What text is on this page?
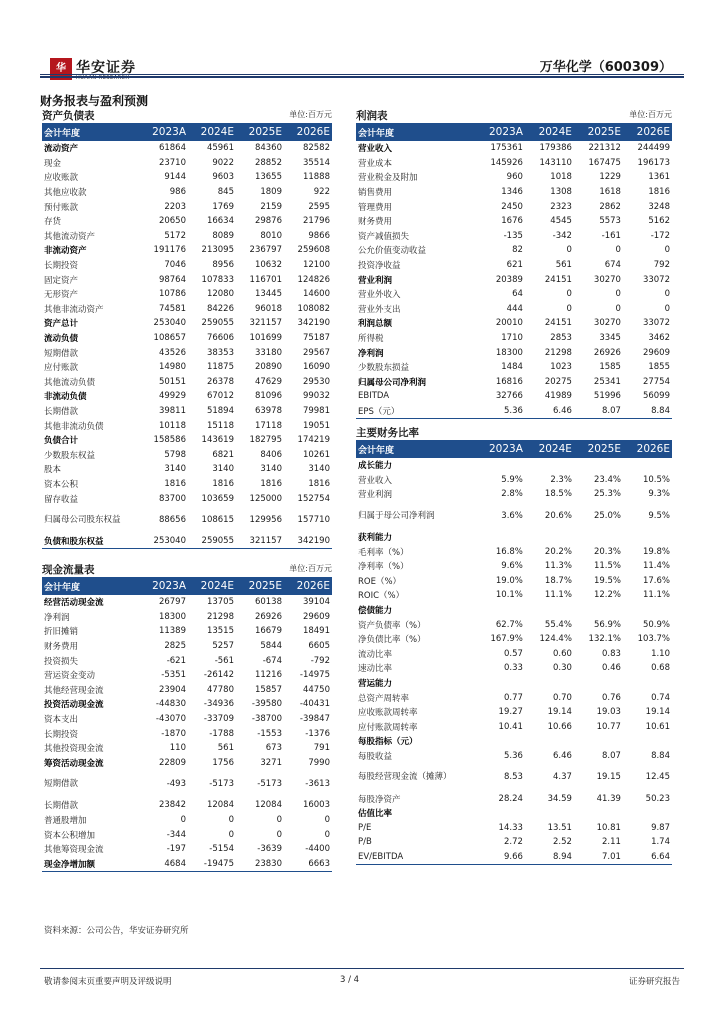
华 华安证券
HUAAN RESEARCH
万华化学（600309）
财务报表与盈利预测
资产负债表	单位:百万元
会计年度	2023A	2024E	2025E	2026E
流动资产	61864	45961	84360	82582
现金	23710	9022	28852	35514
应收账款	9144	9603	13655	11888
其他应收款	986	845	1809	922
预付账款	2203	1769	2159	2595
存货	20650	16634	29876	21796
其他流动资产	5172	8089	8010	9866
非流动资产	191176	213095	236797	259608
长期投资	7046	8956	10632	12100
固定资产	98764	107833	116701	124826
无形资产	10786	12080	13445	14600
其他非流动资产	74581	84226	96018	108082
资产总计	253040	259055	321157	342190
流动负债	108657	76606	101699	75187
短期借款	43526	38353	33180	29567
应付账款	14980	11875	20890	16090
其他流动负债	50151	26378	47629	29530
非流动负债	49929	67012	81096	99032
长期借款	39811	51894	63978	79981
其他非流动负债	10118	15118	17118	19051
负债合计	158586	143619	182795	174219
少数股东权益	5798	6821	8406	10261
股本	3140	3140	3140	3140
资本公积	1816	1816	1816	1816
留存收益	83700	103659	125000	152754
归属母公司股东权益	88656	108615	129956	157710
负债和股东权益	253040	259055	321157	342190
现金流量表	单位:百万元
会计年度	2023A	2024E	2025E	2026E
经营活动现金流	26797	13705	60138	39104
净利润	18300	21298	26926	29609
折旧摊销	11389	13515	16679	18491
财务费用	2825	5257	5844	6605
投资损失	-621	-561	-674	-792
营运资金变动	-5351	-26142	11216	-14975
其他经营现金流	23904	47780	15857	44750
投资活动现金流	-44830	-34936	-39580	-40431
资本支出	-43070	-33709	-38700	-39847
长期投资	-1870	-1788	-1553	-1376
其他投资现金流	110	561	673	791
筹资活动现金流	22809	1756	3271	7990
短期借款	-493	-5173	-5173	-3613
长期借款	23842	12084	12084	16003
普通股增加	0	0	0	0
资本公积增加	-344	0	0	0
其他筹资现金流	-197	-5154	-3639	-4400
现金净增加额	4684	-19475	23830	6663
利润表	单位:百万元
会计年度	2023A	2024E	2025E	2026E
营业收入	175361	179386	221312	244499
营业成本	145926	143110	167475	196173
营业税金及附加	960	1018	1229	1361
销售费用	1346	1308	1618	1816
管理费用	2450	2323	2862	3248
财务费用	1676	4545	5573	5162
资产减值损失	-135	-342	-161	-172
公允价值变动收益	82	0	0	0
投资净收益	621	561	674	792
营业利润	20389	24151	30270	33072
营业外收入	64	0	0	0
营业外支出	444	0	0	0
利润总额	20010	24151	30270	33072
所得税	1710	2853	3345	3462
净利润	18300	21298	26926	29609
少数股东损益	1484	1023	1585	1855
归属母公司净利润	16816	20275	25341	27754
EBITDA	32766	41989	51996	56099
EPS（元）	5.36	6.46	8.07	8.84
主要财务比率
会计年度	2023A	2024E	2025E	2026E
成长能力				
营业收入	5.9%	2.3%	23.4%	10.5%
营业利润	2.8%	18.5%	25.3%	9.3%
归属于母公司净利润	3.6%	20.6%	25.0%	9.5%
获利能力				
毛利率（%）	16.8%	20.2%	20.3%	19.8%
净利率（%）	9.6%	11.3%	11.5%	11.4%
ROE（%）	19.0%	18.7%	19.5%	17.6%
ROIC（%）	10.1%	11.1%	12.2%	11.1%
偿债能力				
资产负债率（%）	62.7%	55.4%	56.9%	50.9%
净负债比率（%）	167.9%	124.4%	132.1%	103.7%
流动比率	0.57	0.60	0.83	1.10
速动比率	0.33	0.30	0.46	0.68
营运能力				
总资产周转率	0.77	0.70	0.76	0.74
应收账款周转率	19.27	19.14	19.03	19.14
应付账款周转率	10.41	10.66	10.77	10.61
每股指标（元）				
每股收益	5.36	6.46	8.07	8.84
每股经营现金流（摊薄）	8.53	4.37	19.15	12.45
每股净资产	28.24	34.59	41.39	50.23
估值比率				
P/E	14.33	13.51	10.81	9.87
P/B	2.72	2.52	2.11	1.74
EV/EBITDA	9.66	8.94	7.01	6.64
资料来源：公司公告，华安证券研究所
敬请参阅末页重要声明及评级说明	3 / 4	证券研究报告
